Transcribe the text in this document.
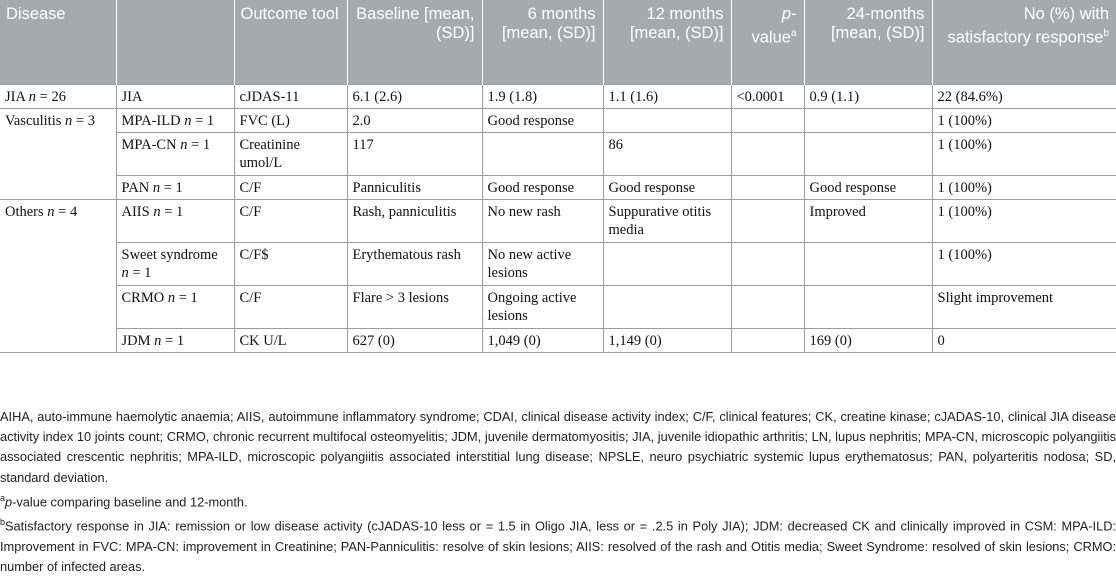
Disease		Outcome tool	Baseline [mean, (SD)]	6 months [mean, (SD)]	12 months [mean, (SD)]	p-value$^a$	24-months [mean, (SD)]	No (%) with satisfactory response$^b$
JIA n = 26	JIA	cJDAS-11	6.1 (2.6)	1.9 (1.8)	1.1 (1.6)	<0.0001	0.9 (1.1)	22 (84.6%)
Vasculitis n = 3	MPA-ILD n = 1	FVC (L)	2.0	Good response				1 (100%)
	MPA-CN n = 1	Creatinine umol/L	117		86			1 (100%)
	PAN n = 1	C/F	Panniculitis	Good response	Good response		Good response	1 (100%)
Others n = 4	AIIS n = 1	C/F	Rash, panniculitis	No new rash	Suppurative otitis media		Improved	1 (100%)
	Sweet syndrome n = 1	C/F$	Erythematous rash	No new active lesions				1 (100%)
	CRMO n = 1	C/F	Flare > 3 lesions	Ongoing active lesions				Slight improvement
	JDM n = 1	CK U/L	627 (0)	1,049 (0)	1,149 (0)		169 (0)	0

AIHA, auto-immune haemolytic anaemia; AIIS, autoimmune inflammatory syndrome; CDAI, clinical disease activity index; C/F, clinical features; CK, creatine kinase; cJADAS-10, clinical JIA disease activity index 10 joints count; CRMO, chronic recurrent multifocal osteomyelitis; JDM, juvenile dermatomyositis; JIA, juvenile idiopathic arthritis; LN, lupus nephritis; MPA-CN, microscopic polyangiitis associated crescentic nephritis; MPA-ILD, microscopic polyangiitis associated interstitial lung disease; NPSLE, neuro psychiatric systemic lupus erythematosus; PAN, polyarteritis nodosa; SD, standard deviation.

$^a$p-value comparing baseline and 12-month.

$^b$Satisfactory response in JIA: remission or low disease activity (cJADAS-10 less or = 1.5 in Oligo JIA, less or = .2.5 in Poly JIA); JDM: decreased CK and clinically improved in CSM: MPA-ILD: Improvement in FVC: MPA-CN: improvement in Creatinine; PAN-Panniculitis: resolve of skin lesions; AIIS: resolved of the rash and Otitis media; Sweet Syndrome: resolved of skin lesions; CRMO: number of infected areas.
